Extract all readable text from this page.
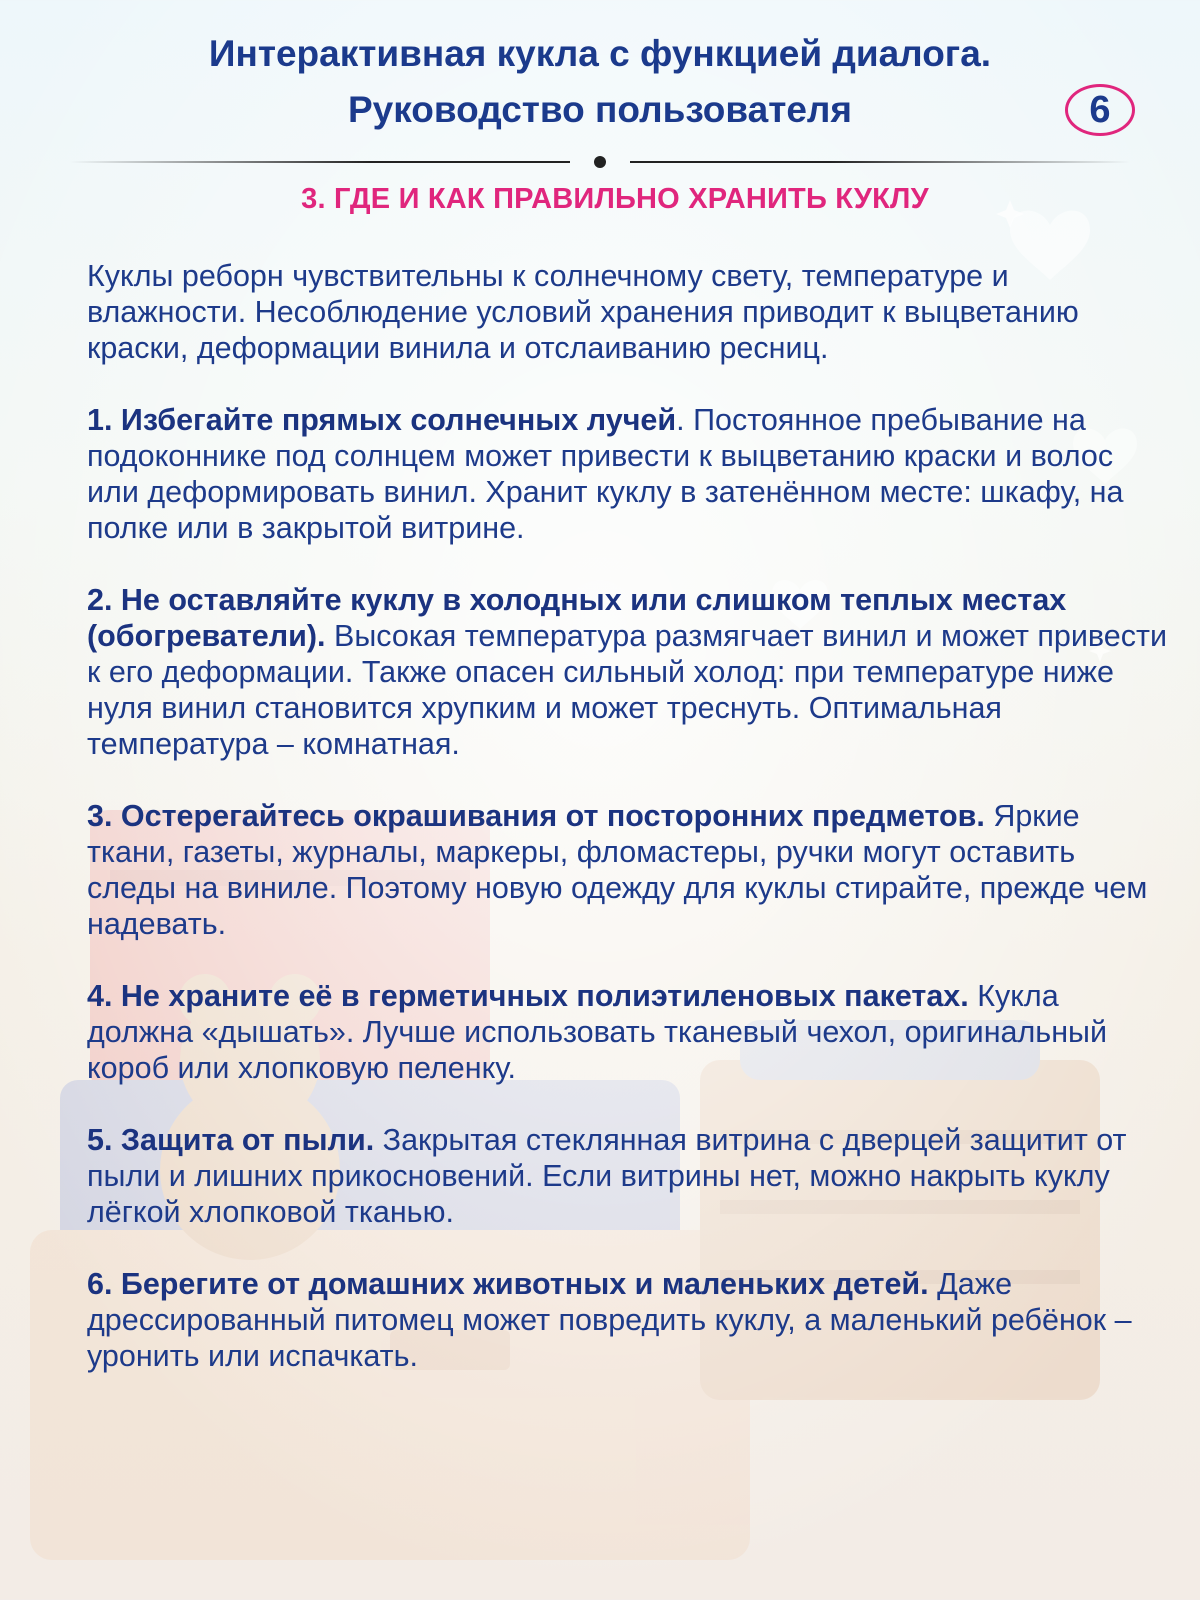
Интерактивная кукла с функцией диалога.
Руководство пользователя	6
3. ГДЕ И КАК ПРАВИЛЬНО ХРАНИТЬ КУКЛУ

Куклы реборн чувствительны к солнечному свету, температуре и влажности. Несоблюдение условий хранения приводит к выцветанию краски, деформации винила и отслаиванию ресниц.

1. Избегайте прямых солнечных лучей. Постоянное пребывание на подоконнике под солнцем может привести к выцветанию краски и волос или деформировать винил. Хранит куклу в затенённом месте: шкафу, на полке или в закрытой витрине.

2. Не оставляйте куклу в холодных или слишком теплых местах (обогреватели). Высокая температура размягчает винил и может привести к его деформации. Также опасен сильный холод: при температуре ниже нуля винил становится хрупким и может треснуть. Оптимальная температура – комнатная.

3. Остерегайтесь окрашивания от посторонних предметов. Яркие ткани, газеты, журналы, маркеры, фломастеры, ручки могут оставить следы на виниле. Поэтому новую одежду для куклы стирайте, прежде чем надевать.

4. Не храните её в герметичных полиэтиленовых пакетах. Кукла должна «дышать». Лучше использовать тканевый чехол, оригинальный короб или хлопковую пеленку.

5. Защита от пыли. Закрытая стеклянная витрина с дверцей защитит от пыли и лишних прикосновений. Если витрины нет, можно накрыть куклу лёгкой хлопковой тканью.

6. Берегите от домашних животных и маленьких детей. Даже дрессированный питомец может повредить куклу, а маленький ребёнок – уронить или испачкать.
